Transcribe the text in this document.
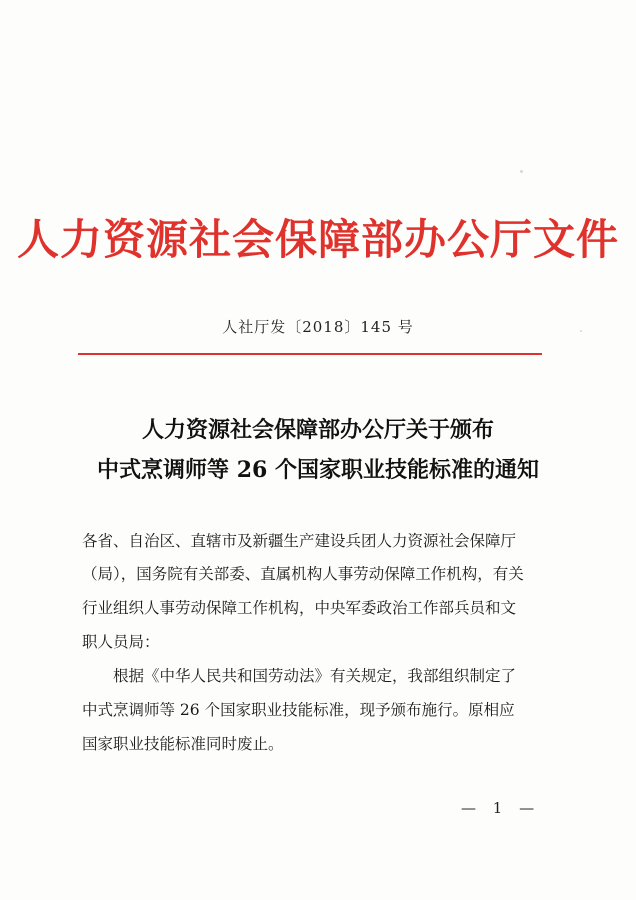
人力资源社会保障部办公厅文件
人社厅发〔2018〕145 号
人力资源社会保障部办公厅关于颁布
中式烹调师等 26 个国家职业技能标准的通知
各省、自治区、直辖市及新疆生产建设兵团人力资源社会保障厅
（局），国务院有关部委、直属机构人事劳动保障工作机构，有关
行业组织人事劳动保障工作机构，中央军委政治工作部兵员和文
职人员局：
　　根据《中华人民共和国劳动法》有关规定，我部组织制定了
中式烹调师等 26 个国家职业技能标准，现予颁布施行。原相应
国家职业技能标准同时废止。
— 1 —
